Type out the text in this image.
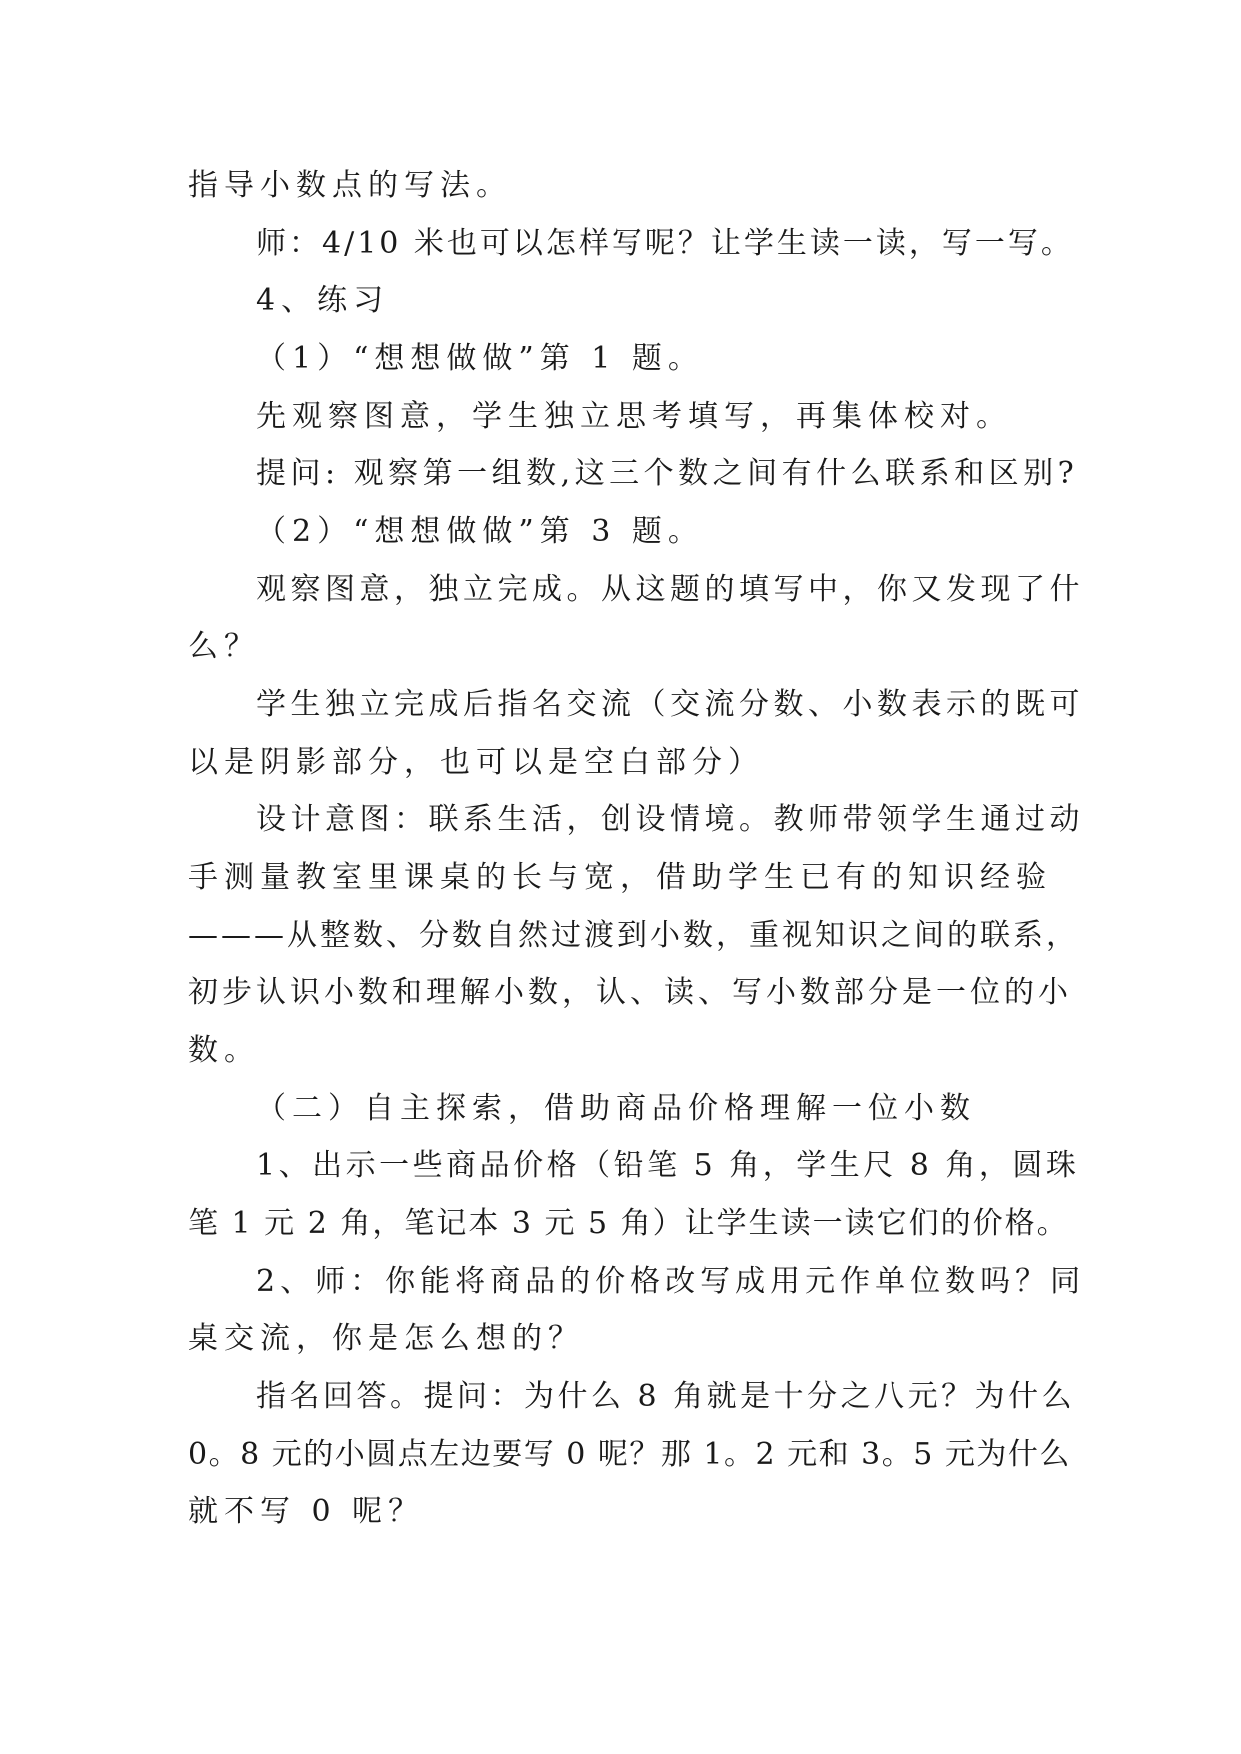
指导小数点的写法。
师：4/10 米也可以怎样写呢？让学生读一读，写一写。
4、练习
（1）“想想做做”第 1 题。
先观察图意，学生独立思考填写，再集体校对。
提问: 观察第一组数,这三个数之间有什么联系和区别?
（2）“想想做做”第 3 题。
观察图意，独立完成。从这题的填写中，你又发现了什
么？
学生独立完成后指名交流（交流分数、小数表示的既可
以是阴影部分，也可以是空白部分）
设计意图：联系生活，创设情境。教师带领学生通过动
手测量教室里课桌的长与宽，借助学生已有的知识经验
———从整数、分数自然过渡到小数，重视知识之间的联系，
初步认识小数和理解小数，认、读、写小数部分是一位的小
数。
（二）自主探索，借助商品价格理解一位小数
1、出示一些商品价格（铅笔 5 角，学生尺 8 角，圆珠
笔 1 元 2 角，笔记本 3 元 5 角）让学生读一读它们的价格。
2、师：你能将商品的价格改写成用元作单位数吗？同
桌交流，你是怎么想的？
指名回答。提问：为什么 8 角就是十分之八元？为什么
0。8 元的小圆点左边要写 0 呢？那 1。2 元和 3。5 元为什么
就不写 0 呢？
